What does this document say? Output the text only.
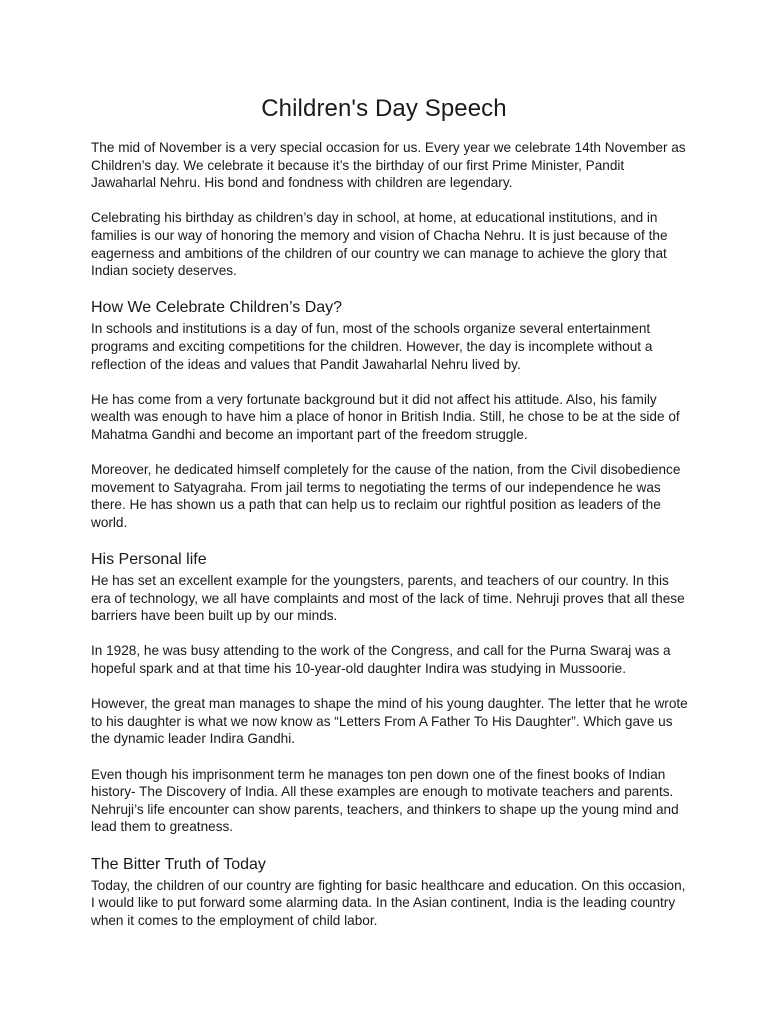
Children's Day Speech

The mid of November is a very special occasion for us. Every year we celebrate 14th November as Children’s day. We celebrate it because it’s the birthday of our first Prime Minister, Pandit Jawaharlal Nehru. His bond and fondness with children are legendary.

Celebrating his birthday as children’s day in school, at home, at educational institutions, and in families is our way of honoring the memory and vision of Chacha Nehru. It is just because of the eagerness and ambitions of the children of our country we can manage to achieve the glory that Indian society deserves.

How We Celebrate Children’s Day?

In schools and institutions is a day of fun, most of the schools organize several entertainment programs and exciting competitions for the children. However, the day is incomplete without a reflection of the ideas and values that Pandit Jawaharlal Nehru lived by.

He has come from a very fortunate background but it did not affect his attitude. Also, his family wealth was enough to have him a place of honor in British India. Still, he chose to be at the side of Mahatma Gandhi and become an important part of the freedom struggle.

Moreover, he dedicated himself completely for the cause of the nation, from the Civil disobedience movement to Satyagraha. From jail terms to negotiating the terms of our independence he was there. He has shown us a path that can help us to reclaim our rightful position as leaders of the world.

His Personal life

He has set an excellent example for the youngsters, parents, and teachers of our country. In this era of technology, we all have complaints and most of the lack of time. Nehruji proves that all these barriers have been built up by our minds.

In 1928, he was busy attending to the work of the Congress, and call for the Purna Swaraj was a hopeful spark and at that time his 10-year-old daughter Indira was studying in Mussoorie.

However, the great man manages to shape the mind of his young daughter. The letter that he wrote to his daughter is what we now know as “Letters From A Father To His Daughter”. Which gave us the dynamic leader Indira Gandhi.

Even though his imprisonment term he manages ton pen down one of the finest books of Indian history- The Discovery of India. All these examples are enough to motivate teachers and parents. Nehruji’s life encounter can show parents, teachers, and thinkers to shape up the young mind and lead them to greatness.

The Bitter Truth of Today

Today, the children of our country are fighting for basic healthcare and education. On this occasion, I would like to put forward some alarming data. In the Asian continent, India is the leading country when it comes to the employment of child labor.
